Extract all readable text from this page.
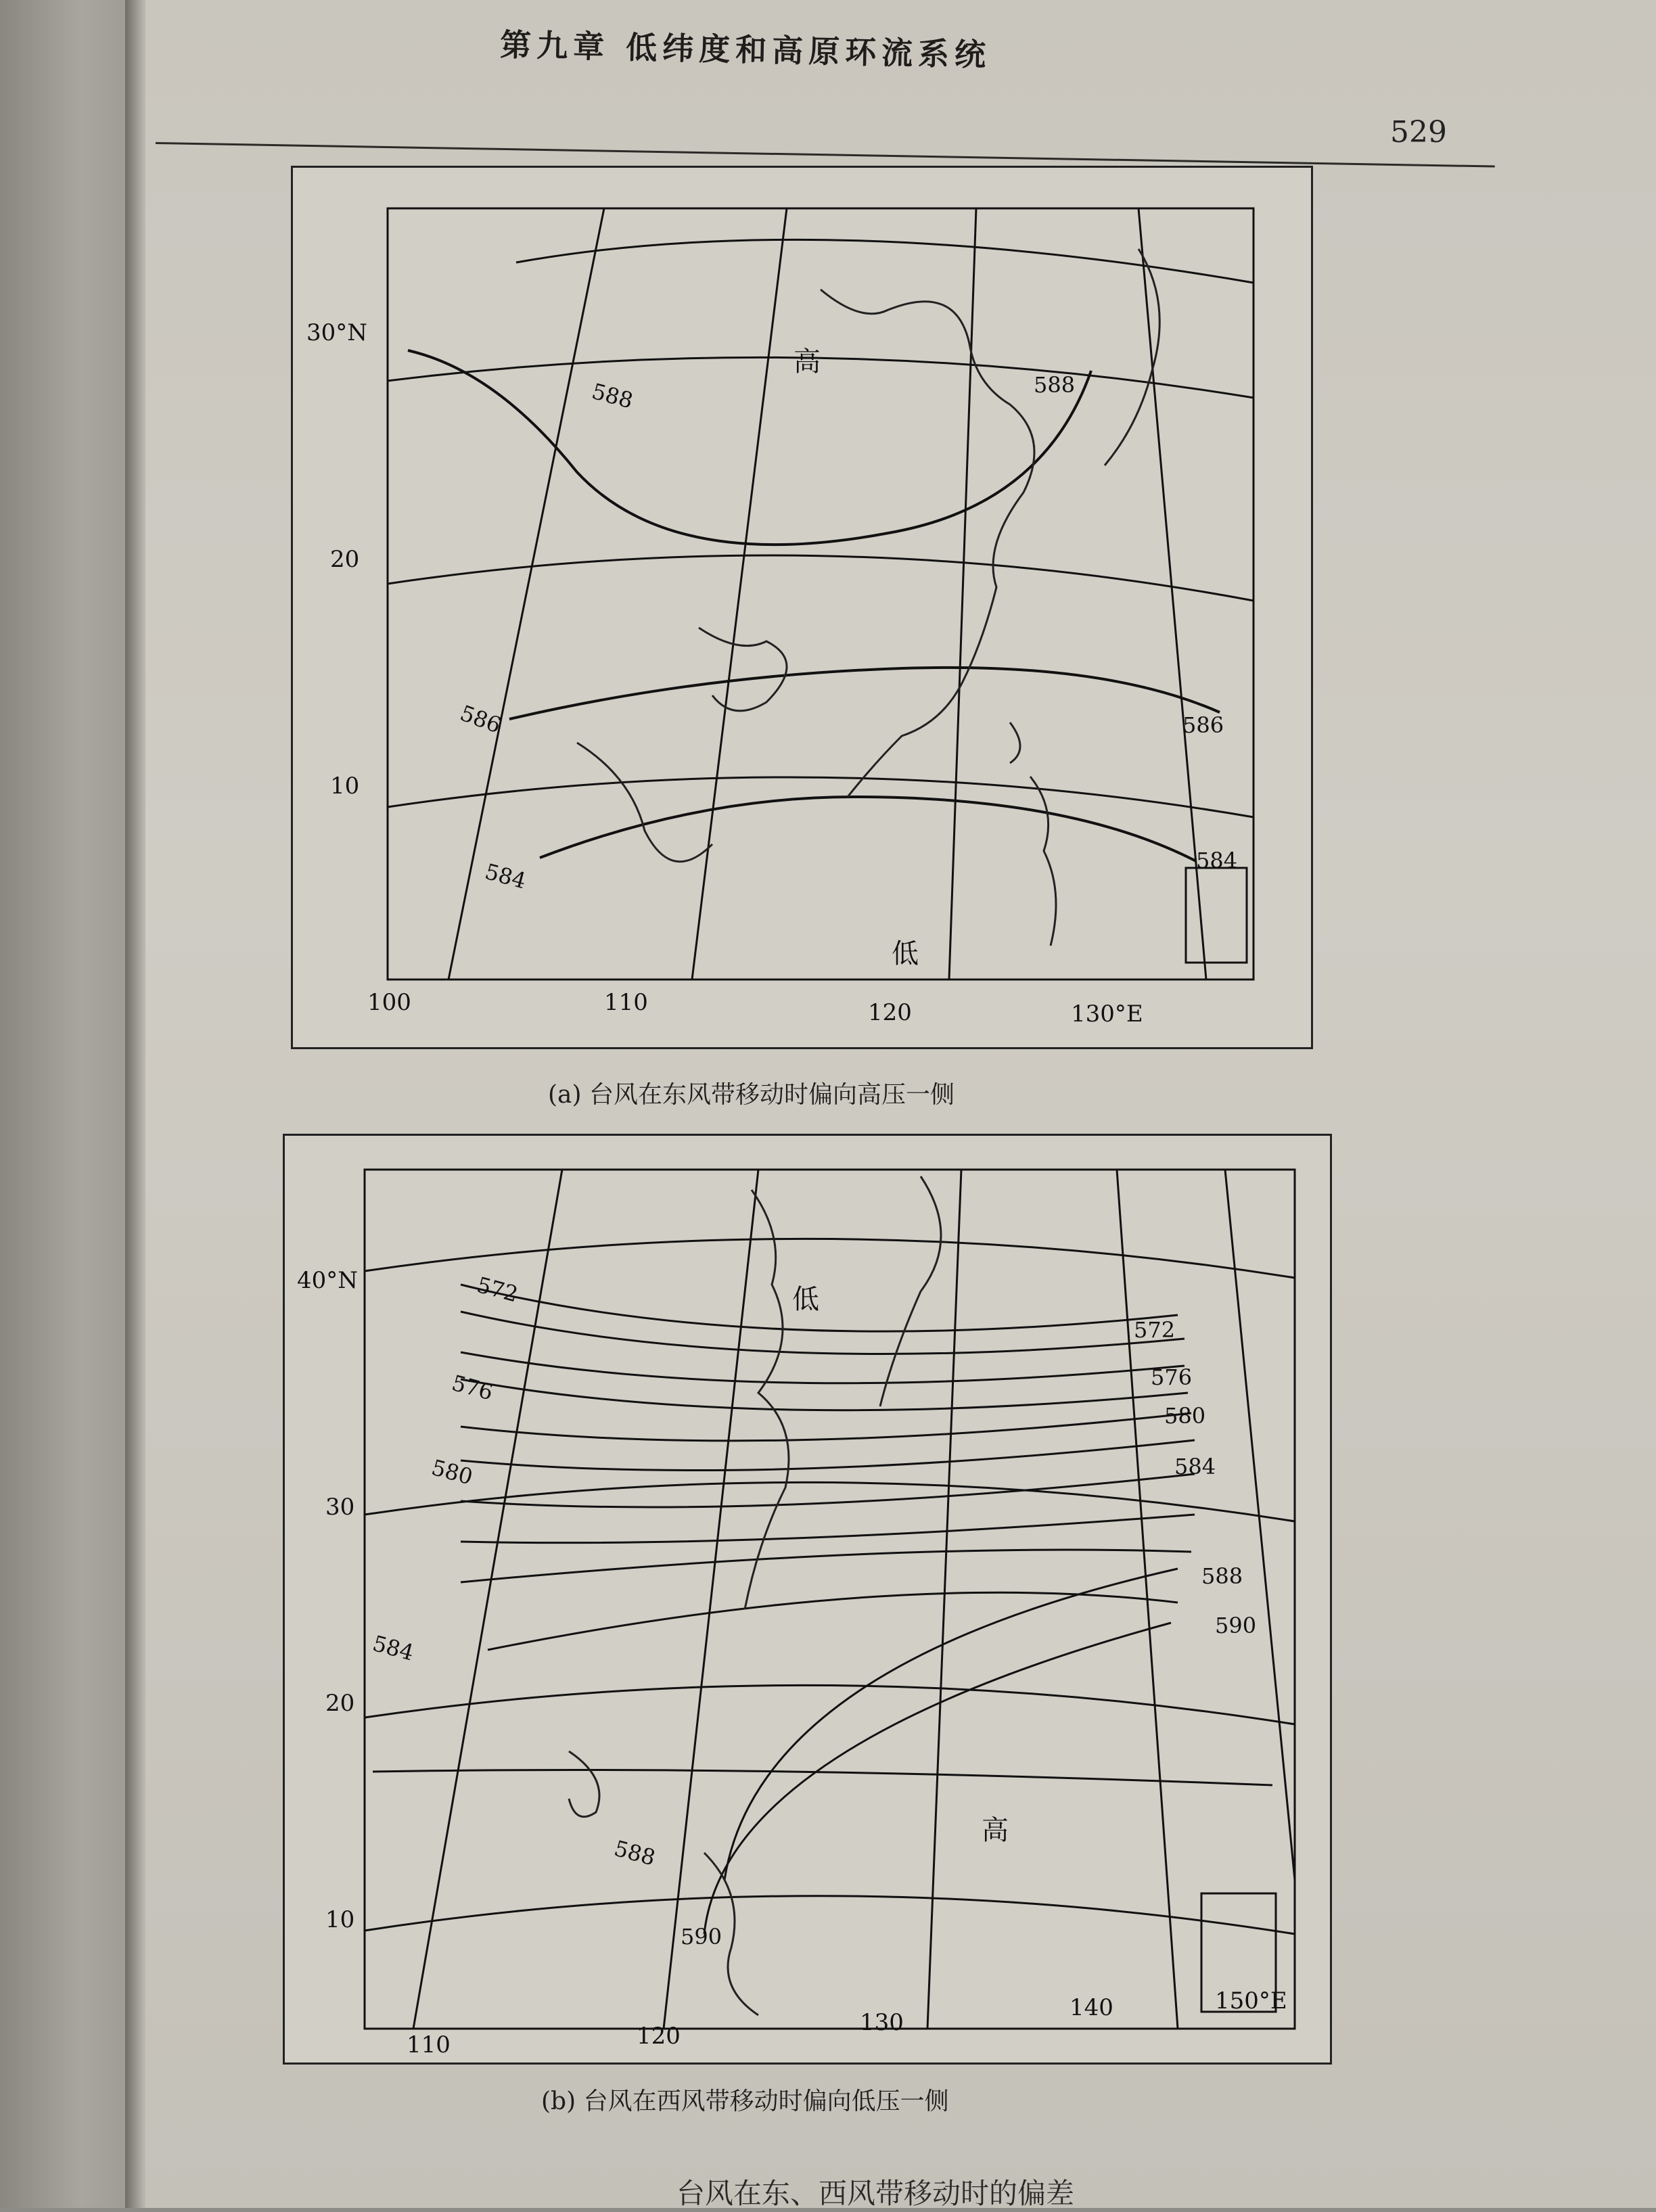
第九章 低纬度和高原环流系统
529
30°N
20
10
100	110	120	130°E
588	588
586	586
584	584
高
低
(a) 台风在东风带移动时偏向高压一侧
40°N
30
20
10
110	120	130
140	150°E
572
576
580
584
588
590
572
576
580
584
588
590
低
高
(b) 台风在西风带移动时偏向低压一侧
台风在东、西风带移动时的偏差
